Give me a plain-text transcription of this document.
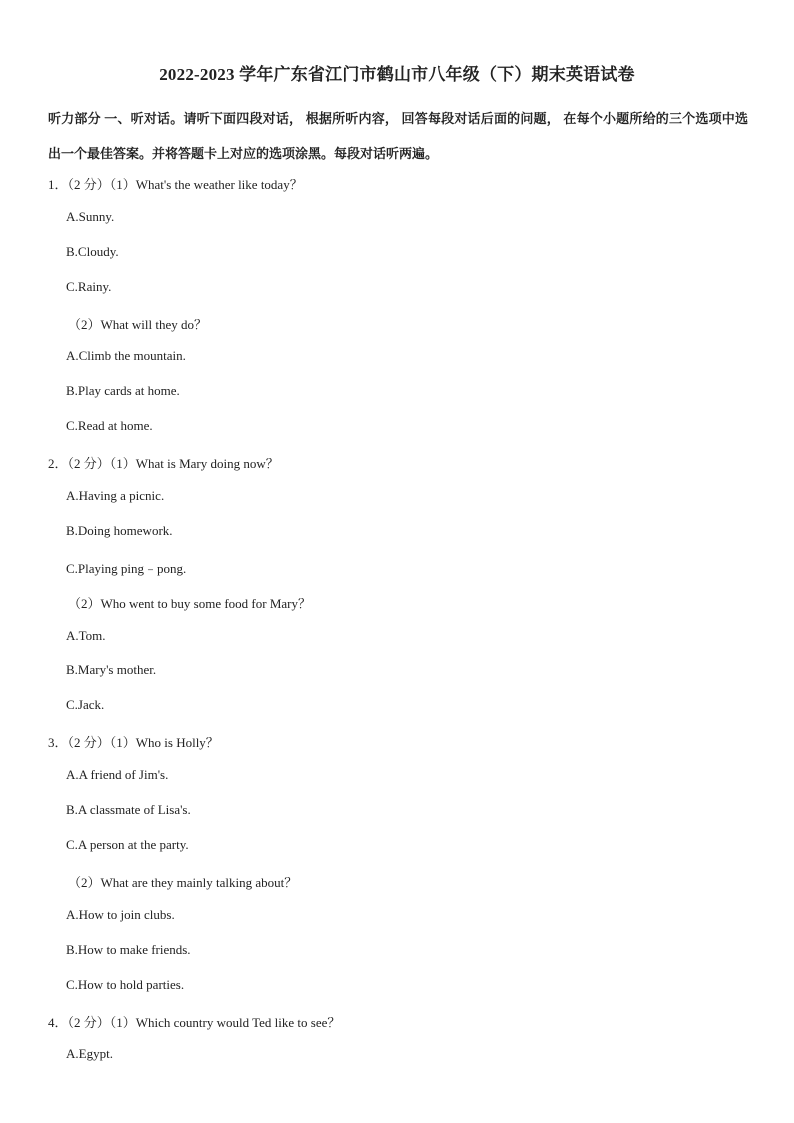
2022-2023 学年广东省江门市鹤山市八年级（下）期末英语试卷
听力部分 一、听对话。请听下面四段对话， 根据所听内容， 回答每段对话后面的问题， 在每个小题所给的三个选项中选出一个最佳答案。并将答题卡上对应的选项涂黑。每段对话听两遍。
1．（2 分）（1）What's the weather like today？
A.Sunny.
B.Cloudy.
C.Rainy.
（2）What will they do？
A.Climb the mountain.
B.Play cards at home.
C.Read at home.
2．（2 分）（1）What is Mary doing now？
A.Having a picnic.
B.Doing homework.
C.Playing ping﹣pong.
（2）Who went to buy some food for Mary？
A.Tom.
B.Mary's mother.
C.Jack.
3．（2 分）（1）Who is Holly？
A.A friend of Jim's.
B.A classmate of Lisa's.
C.A person at the party.
（2）What are they mainly talking about？
A.How to join clubs.
B.How to make friends.
C.How to hold parties.
4．（2 分）（1）Which country would Ted like to see？
A.Egypt.
